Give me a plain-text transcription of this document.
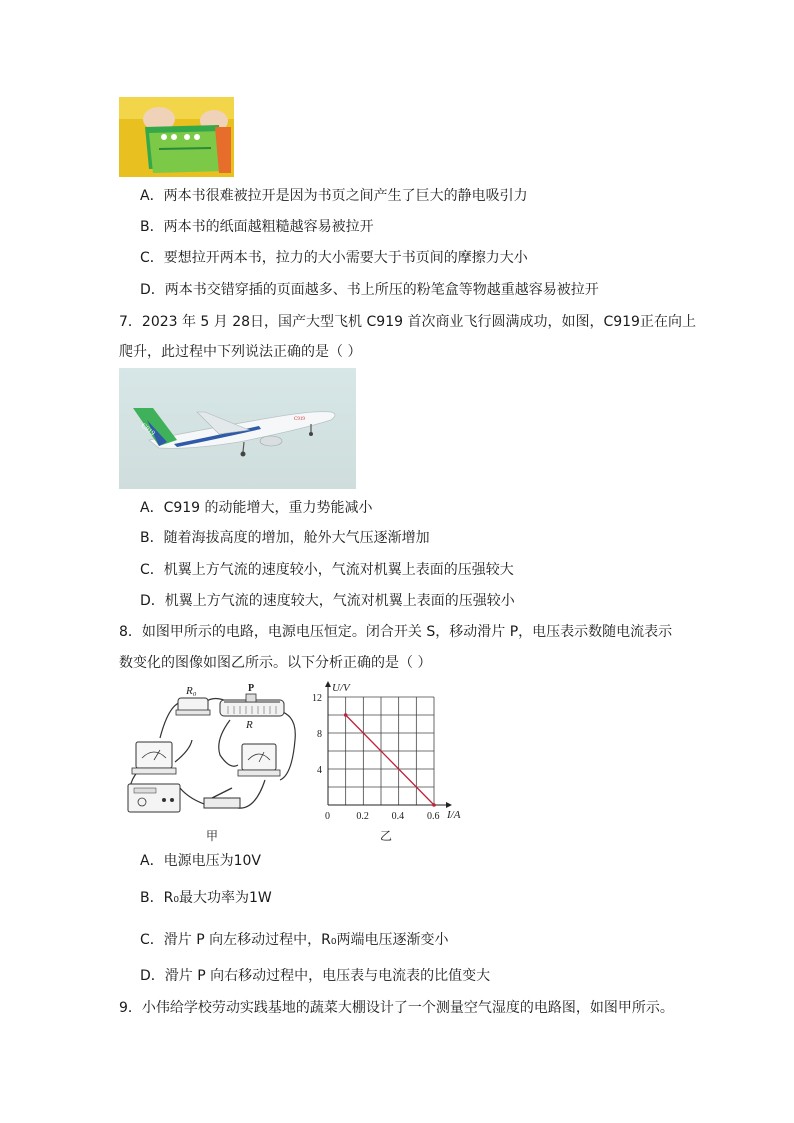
A．两本书很难被拉开是因为书页之间产生了巨大的静电吸引力
B．两本书的纸面越粗糙越容易被拉开
C．要想拉开两本书，拉力的大小需要大于书页间的摩擦力大小
D．两本书交错穿插的页面越多、书上所压的粉笔盒等物越重越容易被拉开
7．2023 年 5 月 28日，国产大型飞机 C919 首次商业飞行圆满成功，如图，C919正在向上
爬升，此过程中下列说法正确的是（ ）
C919
C919
A．C919 的动能增大，重力势能减小
B．随着海拔高度的增加，舱外大气压逐渐增加
C．机翼上方气流的速度较小，气流对机翼上表面的压强较大
D．机翼上方气流的速度较大，气流对机翼上表面的压强较小
8．如图甲所示的电路，电源电压恒定。闭合开关 S，移动滑片 P，电压表示数随电流表示
数变化的图像如图乙所示。以下分析正确的是（ ）
R₀	P
R
甲
U/V
I/A
乙
0	0.2 0.4 0.6
4
8
12
A．电源电压为10V
B．R₀最大功率为1W
C．滑片 P 向左移动过程中，R₀两端电压逐渐变小
D．滑片 P 向右移动过程中，电压表与电流表的比值变大
9．小伟给学校劳动实践基地的蔬菜大棚设计了一个测量空气湿度的电路图，如图甲所示。
